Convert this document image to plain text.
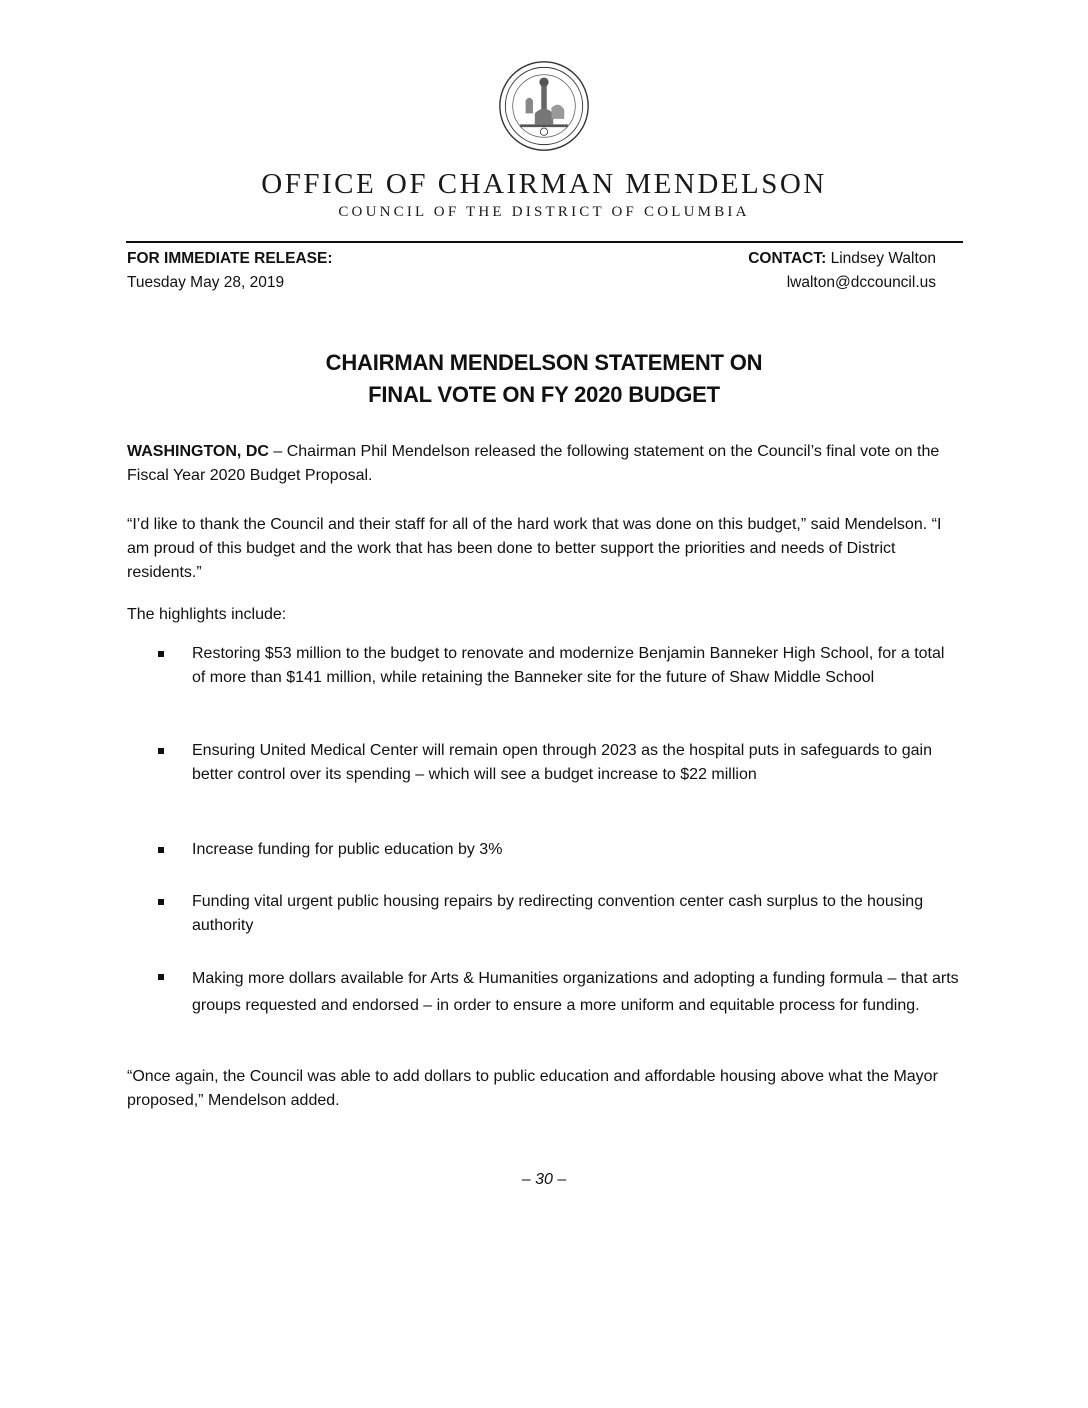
OFFICE OF CHAIRMAN MENDELSON
COUNCIL OF THE DISTRICT OF COLUMBIA
FOR IMMEDIATE RELEASE:
Tuesday May 28, 2019
CONTACT: Lindsey Walton
lwalton@dccouncil.us
CHAIRMAN MENDELSON STATEMENT ON
FINAL VOTE ON FY 2020 BUDGET

WASHINGTON, DC – Chairman Phil Mendelson released the following statement on the Council’s final vote on the Fiscal Year 2020 Budget Proposal.

“I’d like to thank the Council and their staff for all of the hard work that was done on this budget,” said Mendelson. “I am proud of this budget and the work that has been done to better support the priorities and needs of District residents.”

The highlights include:

Restoring $53 million to the budget to renovate and modernize Benjamin Banneker High School, for a total of more than $141 million, while retaining the Banneker site for the future of Shaw Middle School

Ensuring United Medical Center will remain open through 2023 as the hospital puts in safeguards to gain better control over its spending – which will see a budget increase to $22 million

Increase funding for public education by 3%

Funding vital urgent public housing repairs by redirecting convention center cash surplus to the housing authority

Making more dollars available for Arts & Humanities organizations and adopting a funding formula – that arts groups requested and endorsed – in order to ensure a more uniform and equitable process for funding.

“Once again, the Council was able to add dollars to public education and affordable housing above what the Mayor proposed,” Mendelson added.

– 30 –
